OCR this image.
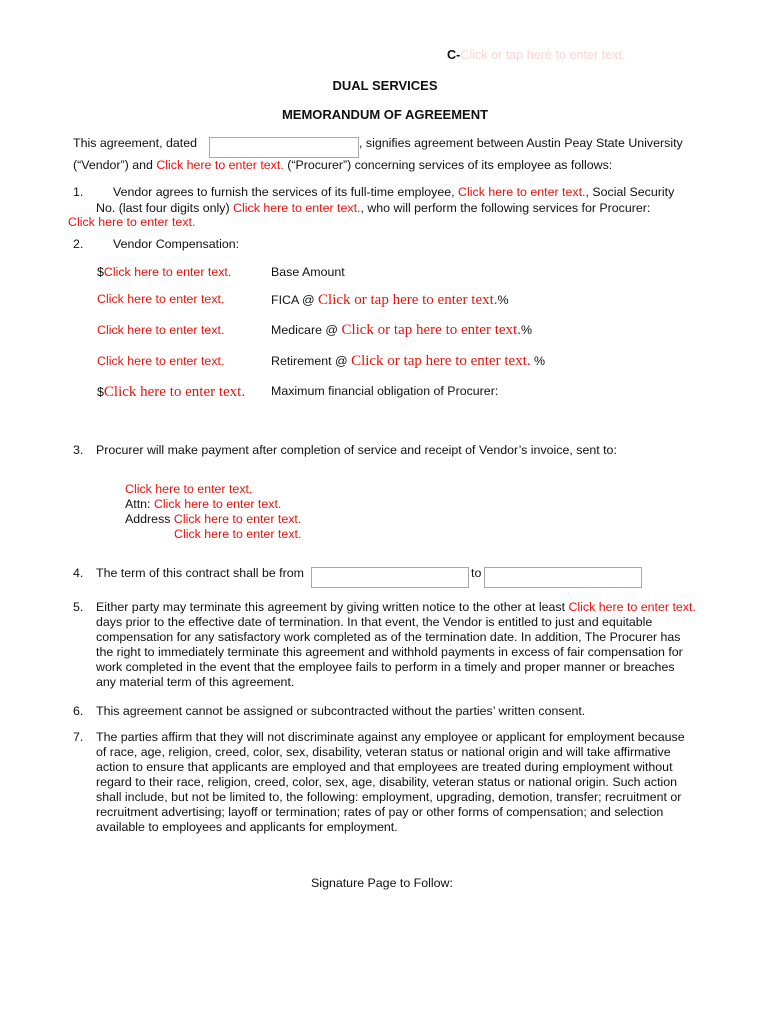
C-Click or tap here to enter text.
DUAL SERVICES
MEMORANDUM OF AGREEMENT
This agreement, dated	, signifies agreement between Austin Peay State University
(“Vendor”) and Click here to enter text. (“Procurer”) concerning services of its employee as follows:
1. Vendor agrees to furnish the services of its full-time employee, Click here to enter text., Social Security
No. (last four digits only) Click here to enter text., who will perform the following services for Procurer:
Click here to enter text.
2. Vendor Compensation:
$Click here to enter text.	Base Amount
Click here to enter text.	FICA @ Click or tap here to enter text.%
Click here to enter text.	Medicare @ Click or tap here to enter text.%
Click here to enter text.	Retirement @ Click or tap here to enter text. %
$Click here to enter text. Maximum financial obligation of Procurer:
3. Procurer will make payment after completion of service and receipt of Vendor’s invoice, sent to:
Click here to enter text.
Attn: Click here to enter text.
Address Click here to enter text.
Click here to enter text.
4. The term of this contract shall be from	to
5. Either party may terminate this agreement by giving written notice to the other at least Click here to enter text. days prior to the effective date of termination. In that event, the Vendor is entitled to just and equitable compensation for any satisfactory work completed as of the termination date. In addition, The Procurer has the right to immediately terminate this agreement and withhold payments in excess of fair compensation for work completed in the event that the employee fails to perform in a timely and proper manner or breaches any material term of this agreement.
6. This agreement cannot be assigned or subcontracted without the parties’ written consent.
7. The parties affirm that they will not discriminate against any employee or applicant for employment because of race, age, religion, creed, color, sex, disability, veteran status or national origin and will take affirmative action to ensure that applicants are employed and that employees are treated during employment without regard to their race, religion, creed, color, sex, age, disability, veteran status or national origin. Such action shall include, but not be limited to, the following: employment, upgrading, demotion, transfer; recruitment or recruitment advertising; layoff or termination; rates of pay or other forms of compensation; and selection available to employees and applicants for employment.
Signature Page to Follow:
